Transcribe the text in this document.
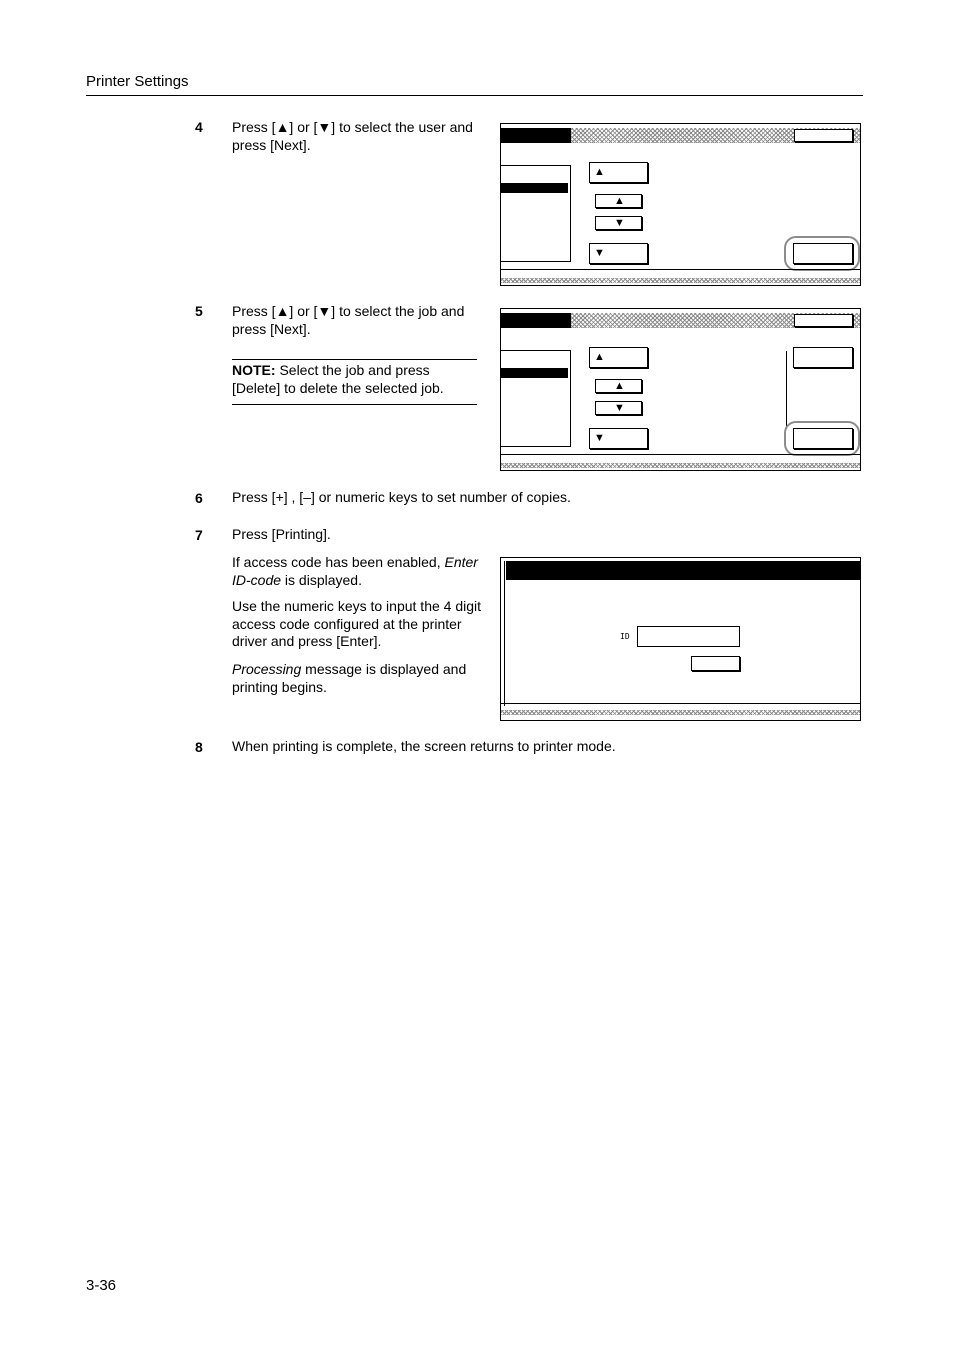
Printer Settings
4 Press [▲] or [▼] to select the user and press [Next].
▲
▲
▼
▼
5 Press [▲] or [▼] to select the job and press [Next].
NOTE: Select the job and press [Delete] to delete the selected job.
▲
▲
▼
▼
6 Press [+] , [–] or numeric keys to set number of copies.
7 Press [Printing].
If access code has been enabled, Enter ID-code is displayed.
Use the numeric keys to input the 4 digit access code configured at the printer driver and press [Enter].
Processing message is displayed and printing begins.
ID
8 When printing is complete, the screen returns to printer mode.
3-36
